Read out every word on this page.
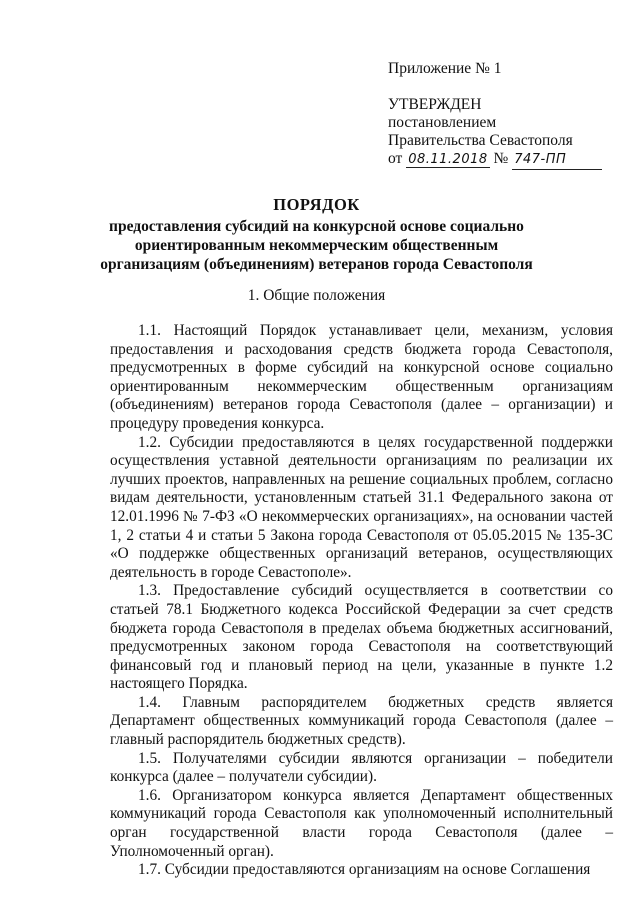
Приложение № 1
УТВЕРЖДЕН
постановлением
Правительства Севастополя
от 08.11.2018 № 747-ПП
ПОРЯДОК
предоставления субсидий на конкурсной основе социально
ориентированным некоммерческим общественным
организациям (объединениям) ветеранов города Севастополя
1. Общие положения

1.1. Настоящий Порядок устанавливает цели, механизм, условия предоставления и расходования средств бюджета города Севастополя, предусмотренных в форме субсидий на конкурсной основе социально ориентированным некоммерческим общественным организациям (объединениям) ветеранов города Севастополя (далее – организации) и процедуру проведения конкурса.

1.2. Субсидии предоставляются в целях государственной поддержки осуществления уставной деятельности организациям по реализации их лучших проектов, направленных на решение социальных проблем, согласно видам деятельности, установленным статьей 31.1 Федерального закона от 12.01.1996 № 7-ФЗ «О некоммерческих организациях», на основании частей 1, 2 статьи 4 и статьи 5 Закона города Севастополя от 05.05.2015 № 135-ЗС «О поддержке общественных организаций ветеранов, осуществляющих деятельность в городе Севастополе».

1.3. Предоставление субсидий осуществляется в соответствии со статьей 78.1 Бюджетного кодекса Российской Федерации за счет средств бюджета города Севастополя в пределах объема бюджетных ассигнований, предусмотренных законом города Севастополя на соответствующий финансовый год и плановый период на цели, указанные в пункте 1.2 настоящего Порядка.

1.4. Главным распорядителем бюджетных средств является Департамент общественных коммуникаций города Севастополя (далее – главный распорядитель бюджетных средств).

1.5. Получателями субсидии являются организации – победители конкурса (далее – получатели субсидии).

1.6. Организатором конкурса является Департамент общественных коммуникаций города Севастополя как уполномоченный исполнительный орган государственной власти города Севастополя (далее – Уполномоченный орган).

1.7. Субсидии предоставляются организациям на основе Соглашения
